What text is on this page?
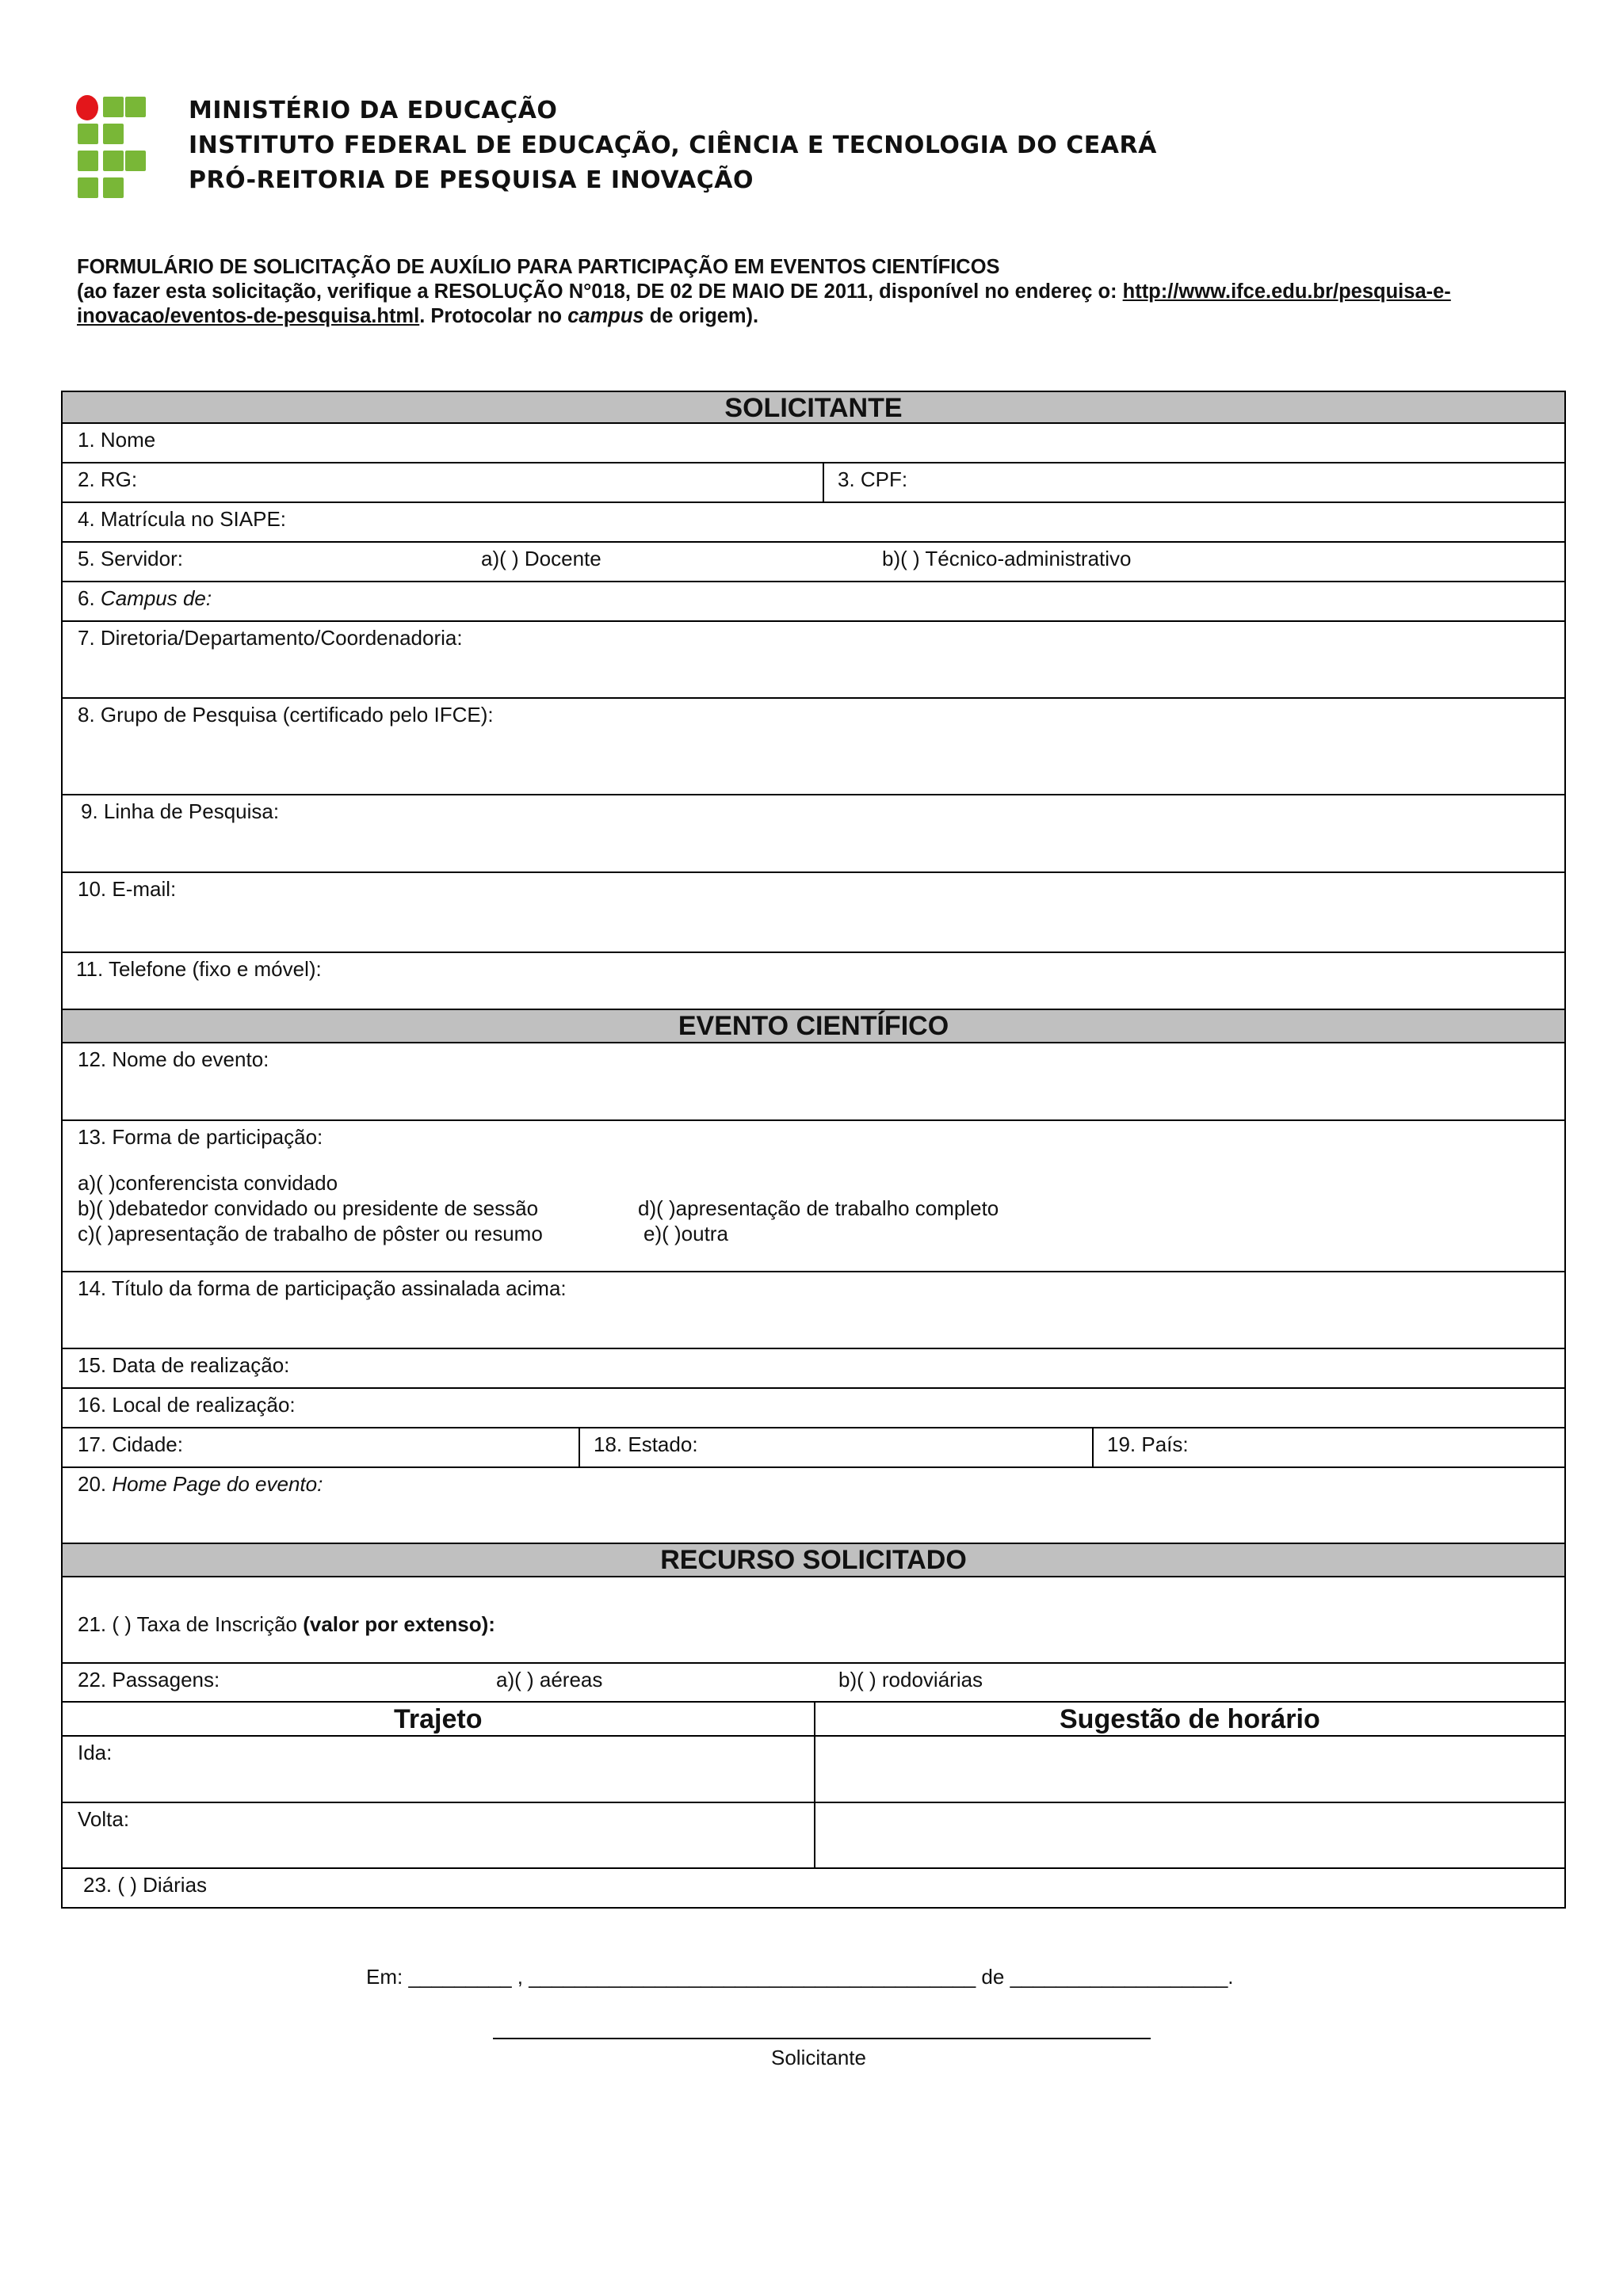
MINISTÉRIO DA EDUCAÇÃO
INSTITUTO FEDERAL DE EDUCAÇÃO, CIÊNCIA E TECNOLOGIA DO CEARÁ
PRÓ-REITORIA DE PESQUISA E INOVAÇÃO
FORMULÁRIO DE SOLICITAÇÃO DE AUXÍLIO PARA PARTICIPAÇÃO EM EVENTOS CIENTÍFICOS
(ao fazer esta solicitação, verifique a RESOLUÇÃO N°018, DE 02 DE MAIO DE 2011, disponível no endereç o: http://www.ifce.edu.br/pesquisa-e-inovacao/eventos-de-pesquisa.html. Protocolar no campus de origem).
SOLICITANTE
1. Nome
2. RG:	3. CPF:
4. Matrícula no SIAPE:
5. Servidor:	a)( ) Docente	b)( ) Técnico-administrativo
6. Campus de:
7. Diretoria/Departamento/Coordenadoria:
8. Grupo de Pesquisa (certificado pelo IFCE):
9. Linha de Pesquisa:
10. E-mail:
11. Telefone (fixo e móvel):
EVENTO CIENTÍFICO
12. Nome do evento:
13. Forma de participação:
a)( )conferencista convidado
b)( )debatedor convidado ou presidente de sessão
c)( )apresentação de trabalho de pôster ou resumo
d)( )apresentação de trabalho completo
e)( )outra
14. Título da forma de participação assinalada acima:
15. Data de realização:
16. Local de realização:
17. Cidade:	18. Estado:	19. País:
20. Home Page do evento:
RECURSO SOLICITADO
21. ( ) Taxa de Inscrição (valor por extenso):
22. Passagens:	a)( ) aéreas	b)( ) rodoviárias
Trajeto	Sugestão de horário
Ida:
Volta:
23. ( ) Diárias
Em: _________ , _______________________________________ de ___________________.
Solicitante
